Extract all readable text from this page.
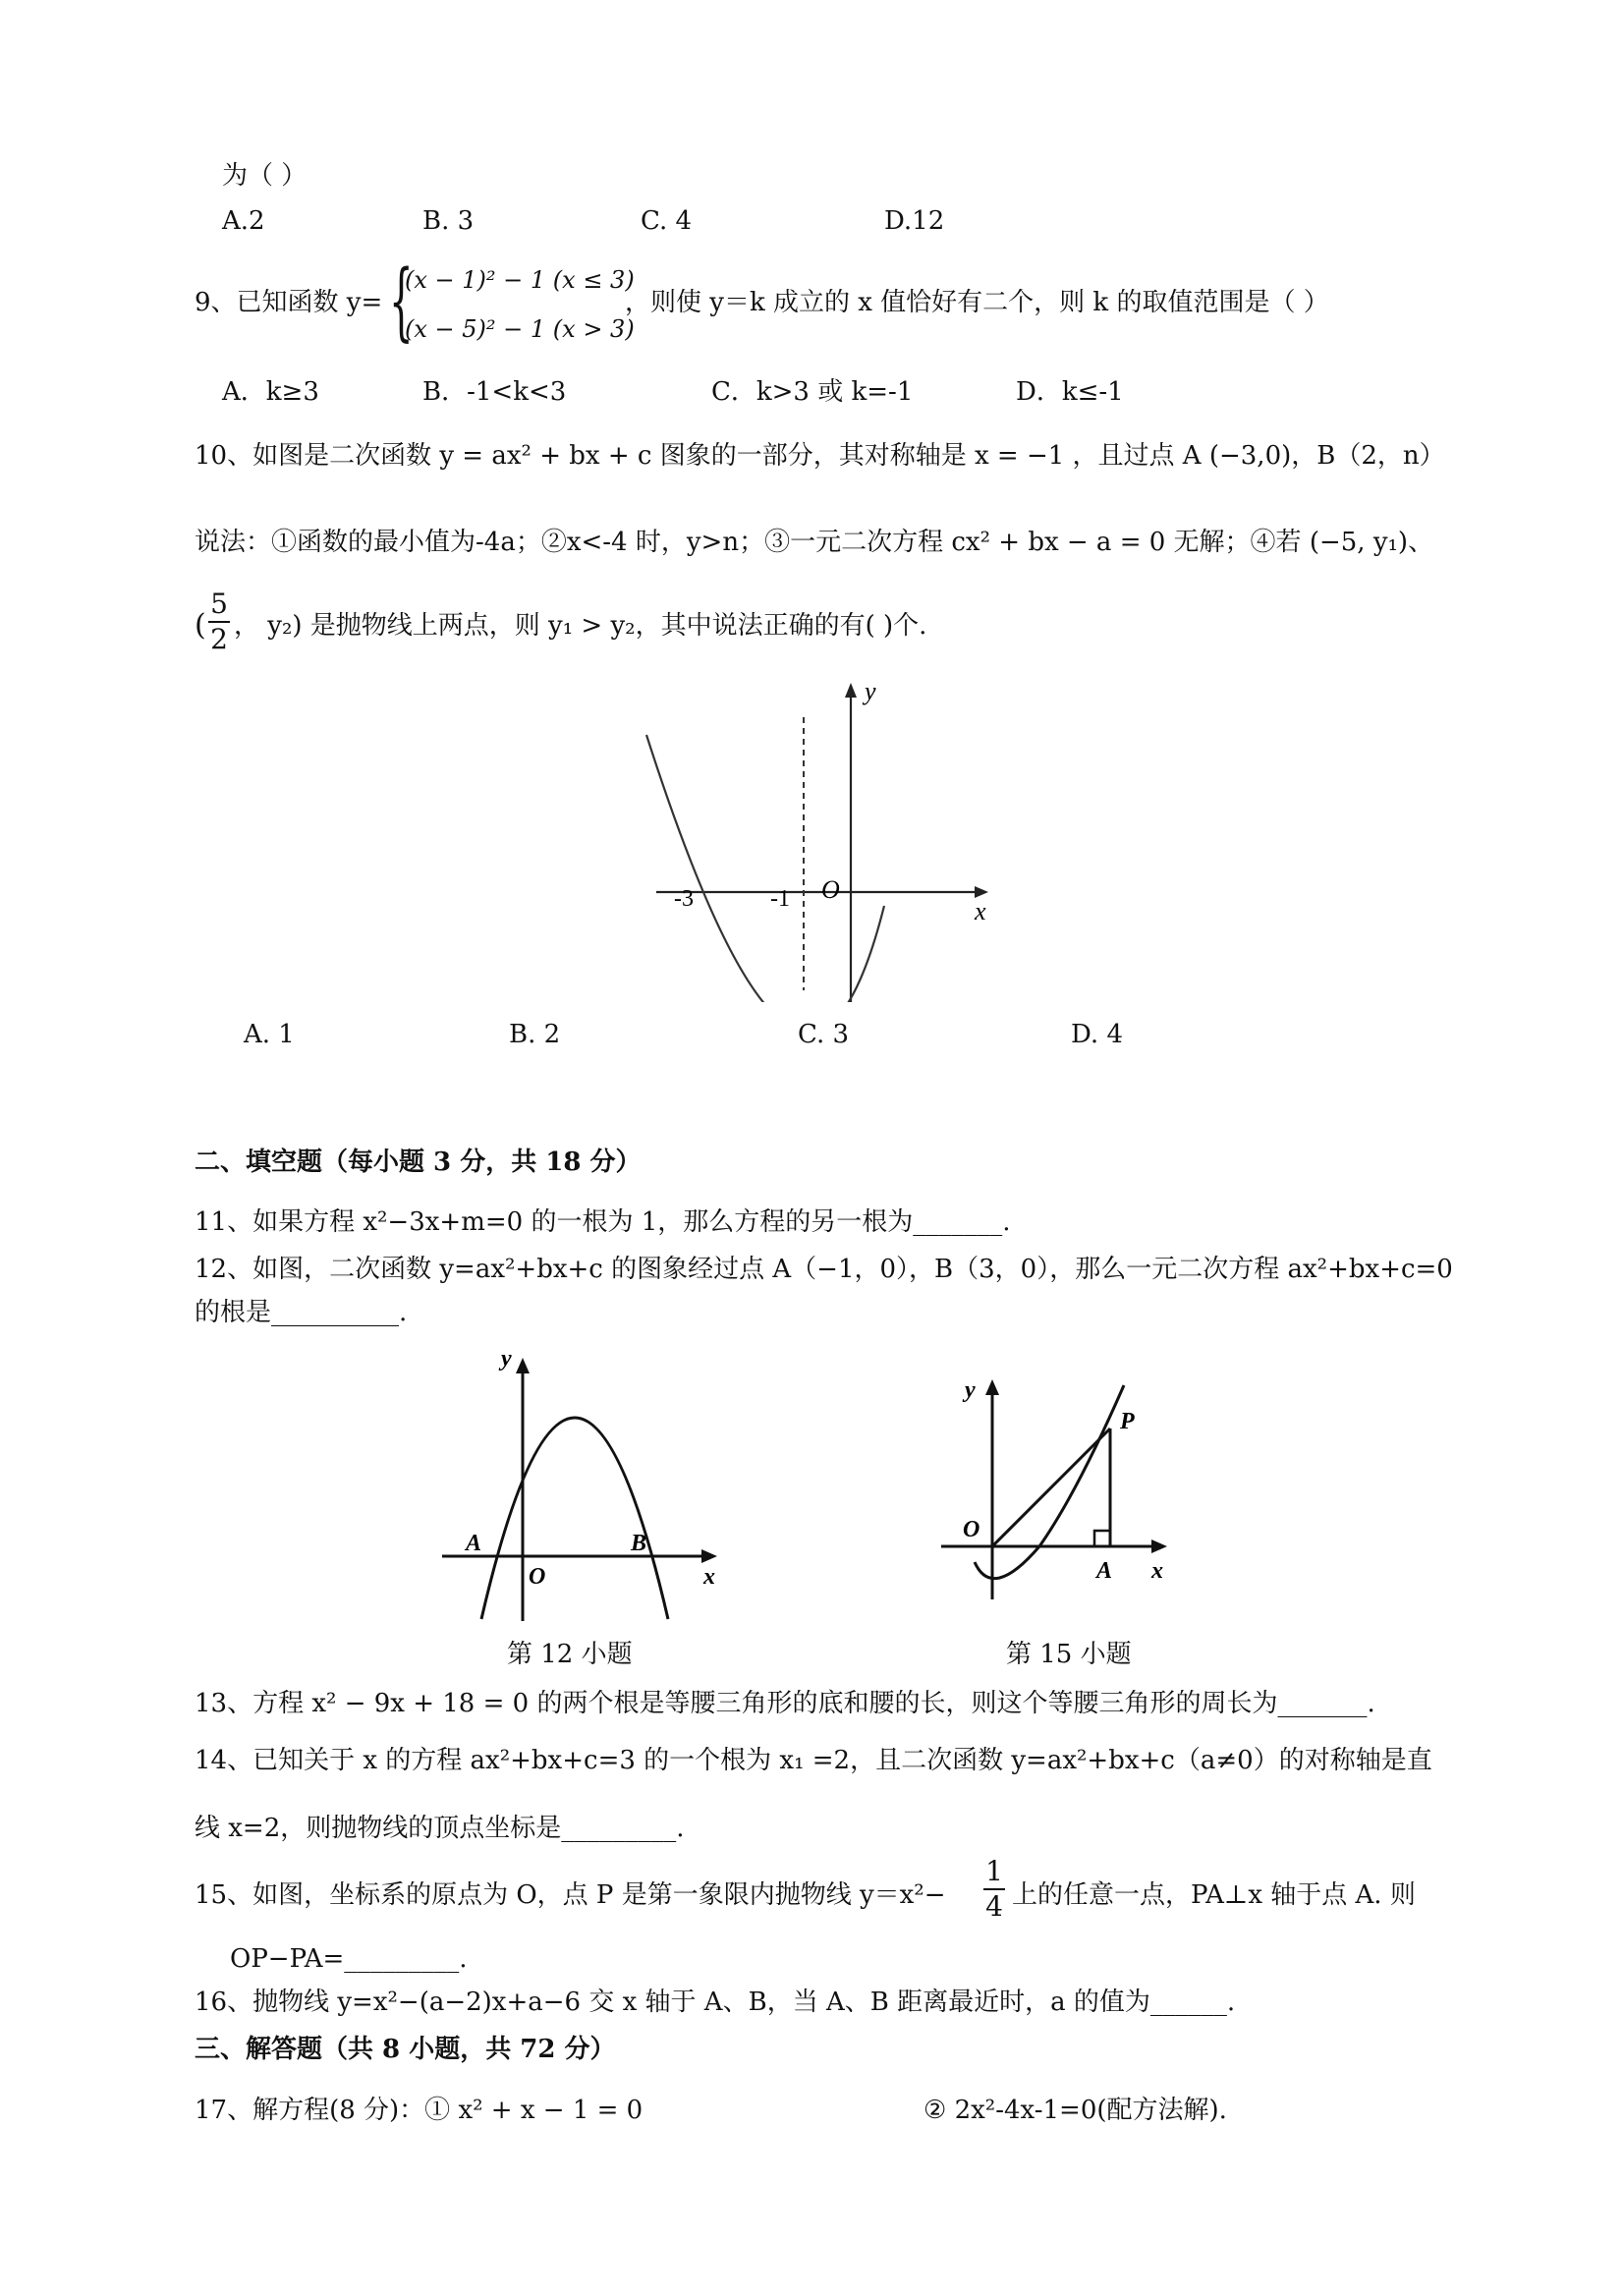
为（ ）
A.2	B. 3	C. 4	D.12
9、已知函数 y= {
(x − 1)² − 1 (x ≤ 3)
(x − 5)² − 1 (x > 3)
，则使 y＝k 成立的 x 值恰好有二个，则 k 的取值范围是（ ）
A．k≥3	B．-1<k<3	C．k>3 或 k=-1	D．k≤-1
10、如图是二次函数 y = ax² + bx + c 图象的一部分，其对称轴是 x = −1 ，且过点 A (−3,0)，B（2，n）
说法：①函数的最小值为-4a；②x<-4 时，y>n；③一元二次方程 cx² + bx − a = 0 无解；④若 (−5, y₁)、
(
5
2 ， y₂) 是抛物线上两点，则 y₁ > y₂，其中说法正确的有( )个.
y
x
O
-3	-1
A. 1	B. 2	C. 3	D. 4
二、填空题（每小题 3 分，共 18 分）
11、如果方程 x²−3x+m=0 的一根为 1，那么方程的另一根为_______.
12、如图，二次函数 y=ax²+bx+c 的图象经过点 A（−1，0），B（3，0），那么一元二次方程 ax²+bx+c=0
的根是__________.
y
x
A	B
O
第 12 小题
y
x
P
A
O
第 15 小题
13、方程 x² − 9x + 18 = 0 的两个根是等腰三角形的底和腰的长，则这个等腰三角形的周长为_______.
14、已知关于 x 的方程 ax²+bx+c=3 的一个根为 x₁ =2，且二次函数 y=ax²+bx+c（a≠0）的对称轴是直
线 x=2，则抛物线的顶点坐标是_________.
15、如图，坐标系的原点为 O，点 P 是第一象限内抛物线 y＝x²−
1
4 上的任意一点，PA⊥x 轴于点 A. 则
OP−PA=_________.
16、抛物线 y=x²−(a−2)x+a−6 交 x 轴于 A、B，当 A、B 距离最近时，a 的值为______.
三、解答题（共 8 小题，共 72 分）
17、解方程(8 分)：① x² + x − 1 = 0	② 2x²-4x-1=0(配方法解).
